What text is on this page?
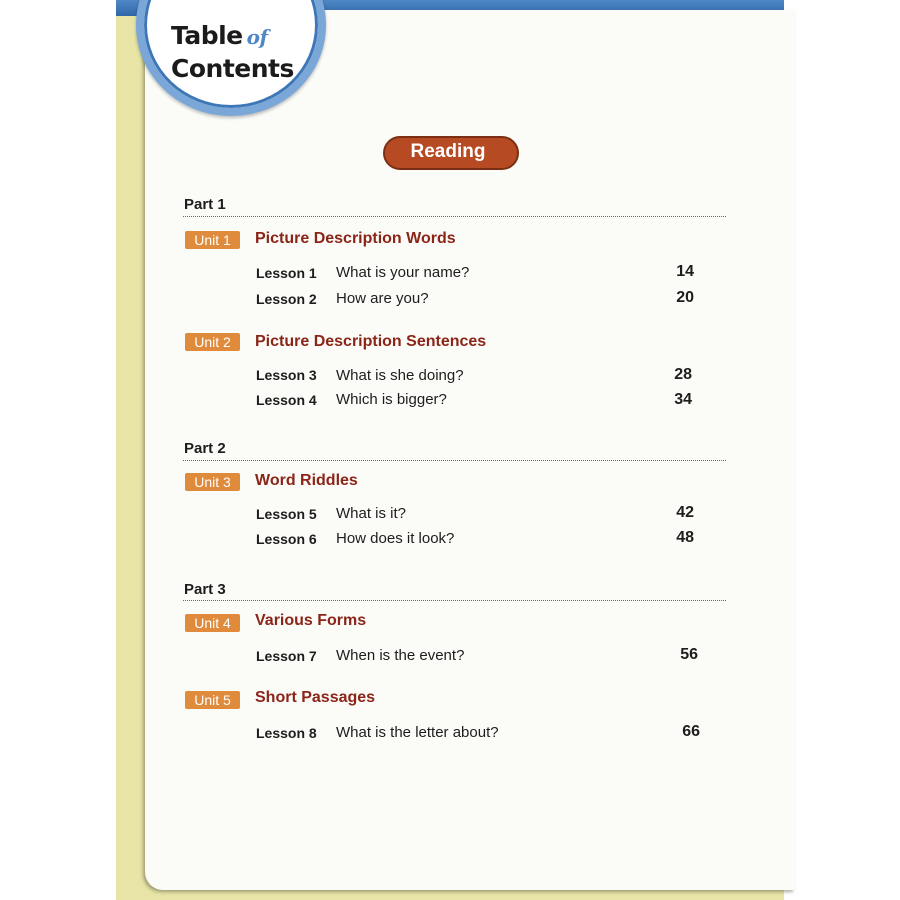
Table of
Contents
Reading
Part 1
Unit 1	Picture Description Words
Lesson 1 What is your name?	14
Lesson 2 How are you?	20
Unit 2	Picture Description Sentences
Lesson 3 What is she doing?	28
Lesson 4 Which is bigger?	34
Part 2
Unit 3	Word Riddles
Lesson 5 What is it?	42
Lesson 6 How does it look?	48
Part 3
Unit 4	Various Forms
Lesson 7 When is the event?	56
Unit 5	Short Passages
Lesson 8 What is the letter about?	66
